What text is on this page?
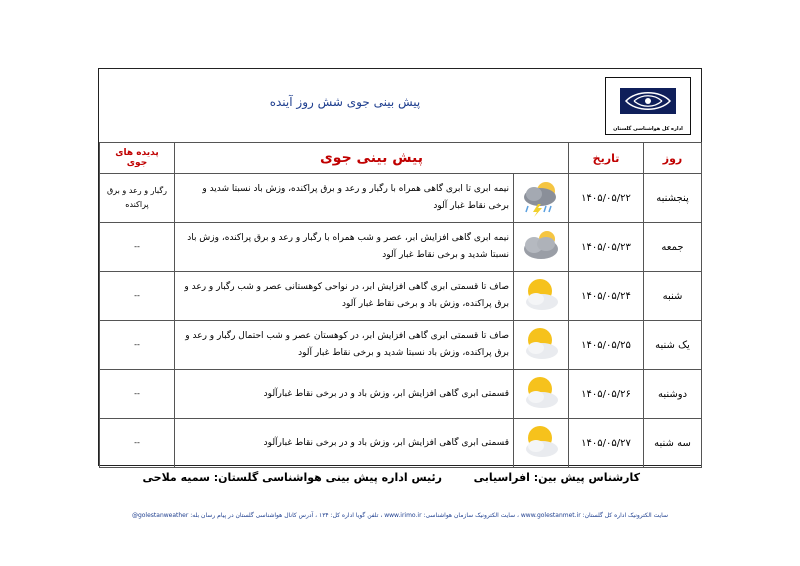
پیش بینی جوی شش روز آینده
اداره کل هواشناسی گلستان
روز	تاریخ	پیش بینی جوی		پدیده های جوی
پنجشنبه	۱۴۰۵/۰۵/۲۲		نیمه ابری تا ابری گاهی همراه با رگبار و رعد و برق پراکنده، وزش باد نسبتا شدید و برخی نقاط غبار آلود	رگبار و رعد و برق پراکنده
جمعه	۱۴۰۵/۰۵/۲۳		نیمه ابری گاهی افزایش ابر، عصر و شب همراه با رگبار و رعد و برق پراکنده، وزش باد نسبتا شدید و برخی نقاط غبار آلود	--
شنبه	۱۴۰۵/۰۵/۲۴		صاف تا قسمتی ابری گاهی افزایش ابر، در نواحی کوهستانی عصر و شب رگبار و رعد و برق پراکنده، وزش باد و برخی نقاط غبار آلود	--
یک شنبه	۱۴۰۵/۰۵/۲۵		صاف تا قسمتی ابری گاهی افزایش ابر، در کوهستان عصر و شب احتمال رگبار و رعد و برق پراکنده، وزش باد نسبتا شدید و برخی نقاط غبار آلود	--
دوشنبه	۱۴۰۵/۰۵/۲۶		قسمتی ابری گاهی افزایش ابر، وزش باد و در برخی نقاط غبارآلود	--
سه شنبه	۱۴۰۵/۰۵/۲۷		قسمتی ابری گاهی افزایش ابر، وزش باد و در برخی نقاط غبارآلود	--
کارشناس پیش بین: افراسیابی
رئیس اداره پیش بینی هواشناسی گلستان: سمیه ملاحی
سایت الکترونیک اداره کل گلستان: www.golestanmet.ir ، سایت الکترونیک سازمان هواشناسی: www.irimo.ir ، تلفن گویا اداره کل: ۱۳۴ ، آدرس کانال هواشناسی گلستان در پیام رسان بله: golestanweather@
